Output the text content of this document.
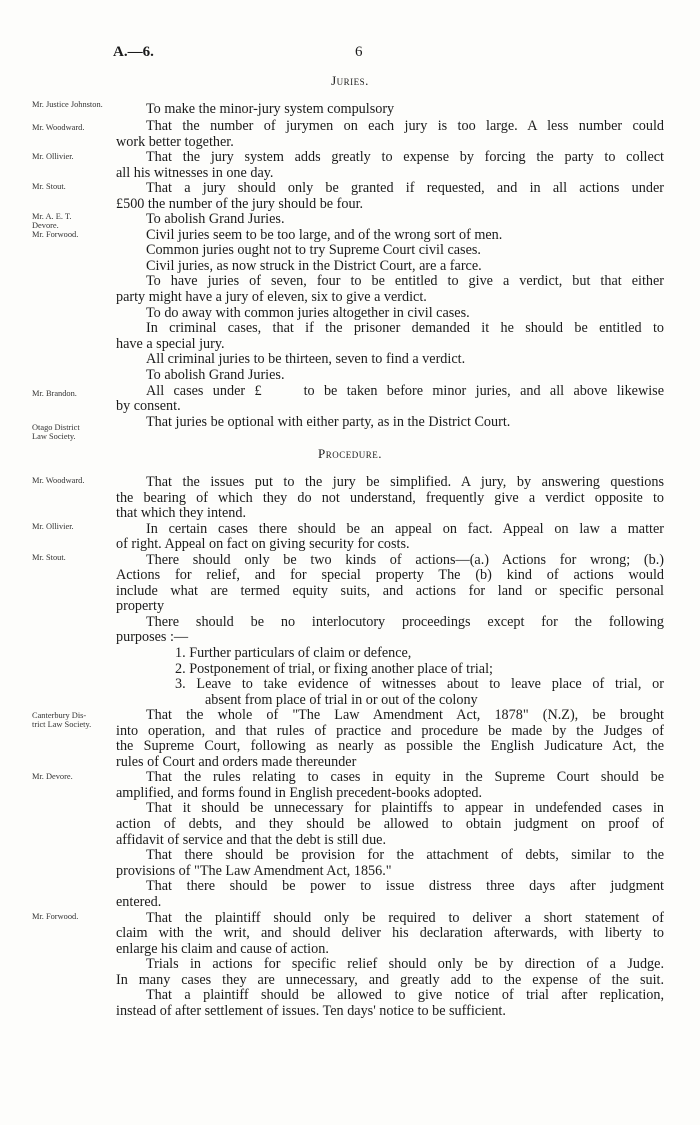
A.—6.	6
Juries.
Mr. Justice Johnston.
Mr. Woodward.
Mr. Ollivier.
Mr. Stout.
Mr. A. E. T.
Devore.
Mr. Forwood.
Mr. Brandon.
Otago District
Law Society.
To make the minor-jury system compulsory
That the number of jurymen on each jury is too large. A less number could
work better together.
That the jury system adds greatly to expense by forcing the party to collect
all his witnesses in one day.
That a jury should only be granted if requested, and in all actions under
£500 the number of the jury should be four.
To abolish Grand Juries.
Civil juries seem to be too large, and of the wrong sort of men.
Common juries ought not to try Supreme Court civil cases.
Civil juries, as now struck in the District Court, are a farce.
To have juries of seven, four to be entitled to give a verdict, but that either
party might have a jury of eleven, six to give a verdict.
To do away with common juries altogether in civil cases.
In criminal cases, that if the prisoner demanded it he should be entitled to
have a special jury.
All criminal juries to be thirteen, seven to find a verdict.
To abolish Grand Juries.
All cases under £	to be taken before minor juries, and all above likewise
by consent.
That juries be optional with either party, as in the District Court.
Procedure.
Mr. Woodward.
Mr. Ollivier.
Mr. Stout.
Canterbury Dis-
trict Law Society.
Mr. Devore.
Mr. Forwood.
That the issues put to the jury be simplified. A jury, by answering questions
the bearing of which they do not understand, frequently give a verdict opposite to
that which they intend.
In certain cases there should be an appeal on fact. Appeal on law a matter
of right. Appeal on fact on giving security for costs.
There should only be two kinds of actions—(a.) Actions for wrong; (b.)
Actions for relief, and for special property The (b) kind of actions would
include what are termed equity suits, and actions for land or specific personal
property
There should be no interlocutory proceedings except for the following
purposes :—
1. Further particulars of claim or defence,
2. Postponement of trial, or fixing another place of trial;
3. Leave to take evidence of witnesses about to leave place of trial, or
absent from place of trial in or out of the colony
That the whole of "The Law Amendment Act, 1878" (N.Z), be brought
into operation, and that rules of practice and procedure be made by the Judges of
the Supreme Court, following as nearly as possible the English Judicature Act, the
rules of Court and orders made thereunder
That the rules relating to cases in equity in the Supreme Court should be
amplified, and forms found in English precedent-books adopted.
That it should be unnecessary for plaintiffs to appear in undefended cases in
action of debts, and they should be allowed to obtain judgment on proof of
affidavit of service and that the debt is still due.
That there should be provision for the attachment of debts, similar to the
provisions of "The Law Amendment Act, 1856."
That there should be power to issue distress three days after judgment
entered.
That the plaintiff should only be required to deliver a short statement of
claim with the writ, and should deliver his declaration afterwards, with liberty to
enlarge his claim and cause of action.
Trials in actions for specific relief should only be by direction of a Judge.
In many cases they are unnecessary, and greatly add to the expense of the suit.
That a plaintiff should be allowed to give notice of trial after replication,
instead of after settlement of issues. Ten days' notice to be sufficient.
